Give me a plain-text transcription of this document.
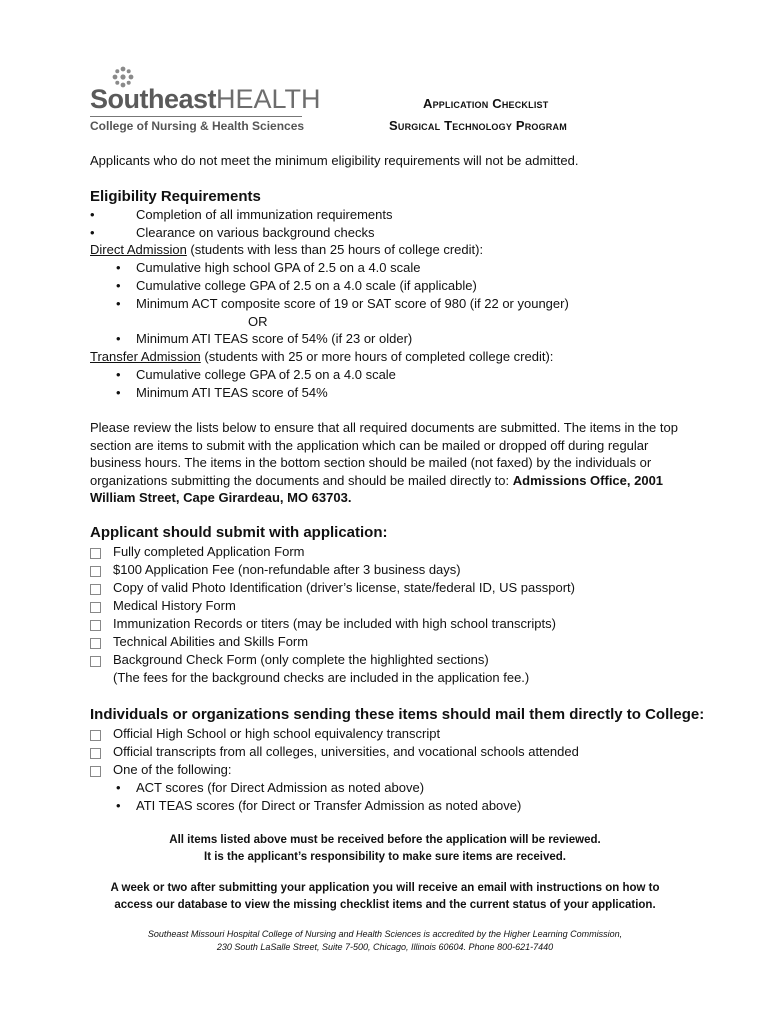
SoutheastHEALTH
College of Nursing & Health Sciences
Application Checklist
Surgical Technology Program
Applicants who do not meet the minimum eligibility requirements will not be admitted.
Eligibility Requirements
•	Completion of all immunization requirements
•	Clearance on various background checks
Direct Admission (students with less than 25 hours of college credit):
• Cumulative high school GPA of 2.5 on a 4.0 scale
• Cumulative college GPA of 2.5 on a 4.0 scale (if applicable)
• Minimum ACT composite score of 19 or SAT score of 980 (if 22 or younger)
OR
• Minimum ATI TEAS score of 54% (if 23 or older)
Transfer Admission (students with 25 or more hours of completed college credit):
• Cumulative college GPA of 2.5 on a 4.0 scale
• Minimum ATI TEAS score of 54%
Please review the lists below to ensure that all required documents are submitted. The items in the top
section are items to submit with the application which can be mailed or dropped off during regular
business hours. The items in the bottom section should be mailed (not faxed) by the individuals or
organizations submitting the documents and should be mailed directly to: Admissions Office, 2001
William Street, Cape Girardeau, MO 63703.
Applicant should submit with application:
Fully completed Application Form
$100 Application Fee (non-refundable after 3 business days)
Copy of valid Photo Identification (driver’s license, state/federal ID, US passport)
Medical History Form
Immunization Records or titers (may be included with high school transcripts)
Technical Abilities and Skills Form
Background Check Form (only complete the highlighted sections)
(The fees for the background checks are included in the application fee.)
Individuals or organizations sending these items should mail them directly to College:
Official High School or high school equivalency transcript
Official transcripts from all colleges, universities, and vocational schools attended
One of the following:
• ACT scores (for Direct Admission as noted above)
• ATI TEAS scores (for Direct or Transfer Admission as noted above)
All items listed above must be received before the application will be reviewed.
It is the applicant’s responsibility to make sure items are received.
A week or two after submitting your application you will receive an email with instructions on how to
access our database to view the missing checklist items and the current status of your application.
Southeast Missouri Hospital College of Nursing and Health Sciences is accredited by the Higher Learning Commission,
230 South LaSalle Street, Suite 7-500, Chicago, Illinois 60604. Phone 800-621-7440
